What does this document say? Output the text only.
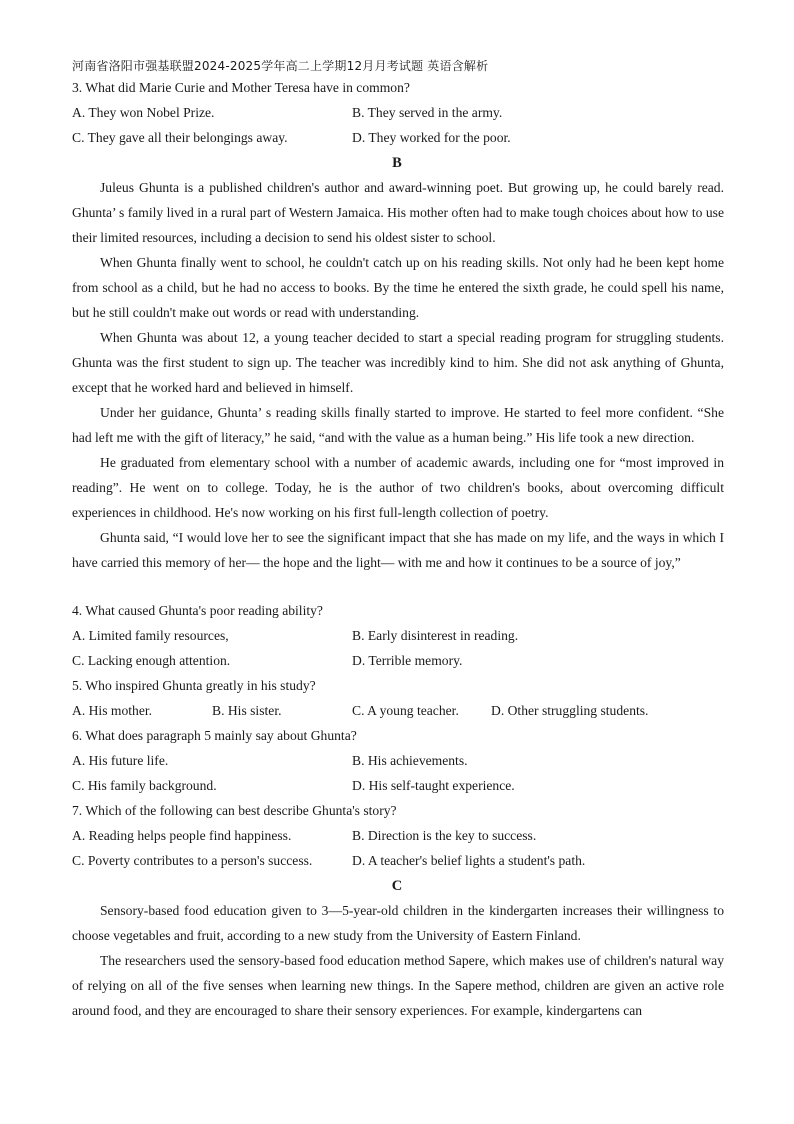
河南省洛阳市强基联盟2024-2025学年高二上学期12月月考试题 英语含解析
3. What did Marie Curie and Mother Teresa have in common?
A. They won Nobel Prize.	B. They served in the army.
C. They gave all their belongings away.	D. They worked for the poor.
B

Juleus Ghunta is a published children's author and award-winning poet. But growing up, he could barely read. Ghunta’ s family lived in a rural part of Western Jamaica. His mother often had to make tough choices about how to use their limited resources, including a decision to send his oldest sister to school.

When Ghunta finally went to school, he couldn't catch up on his reading skills. Not only had he been kept home from school as a child, but he had no access to books. By the time he entered the sixth grade, he could spell his name, but he still couldn't make out words or read with understanding.

When Ghunta was about 12, a young teacher decided to start a special reading program for struggling students. Ghunta was the first student to sign up. The teacher was incredibly kind to him. She did not ask anything of Ghunta, except that he worked hard and believed in himself.

Under her guidance, Ghunta’ s reading skills finally started to improve. He started to feel more confident. “She had left me with the gift of literacy,” he said, “and with the value as a human being.” His life took a new direction.

He graduated from elementary school with a number of academic awards, including one for “most improved in reading”. He went on to college. Today, he is the author of two children's books, about overcoming difficult experiences in childhood. He's now working on his first full-length collection of poetry.

Ghunta said, “I would love her to see the significant impact that she has made on my life, and the ways in which I have carried this memory of her— the hope and the light— with me and how it continues to be a source of joy,”

4. What caused Ghunta's poor reading ability?
A. Limited family resources,	B. Early disinterest in reading.
C. Lacking enough attention.	D. Terrible memory.
5. Who inspired Ghunta greatly in his study?
A. His mother.	B. His sister.	C. A young teacher. D. Other struggling students.
6. What does paragraph 5 mainly say about Ghunta?
A. His future life.	B. His achievements.
C. His family background.	D. His self-taught experience.
7. Which of the following can best describe Ghunta's story?
A. Reading helps people find happiness.	B. Direction is the key to success.
C. Poverty contributes to a person's success.	D. A teacher's belief lights a student's path.
C

Sensory-based food education given to 3—5-year-old children in the kindergarten increases their willingness to choose vegetables and fruit, according to a new study from the University of Eastern Finland.

The researchers used the sensory-based food education method Sapere, which makes use of children's natural way of relying on all of the five senses when learning new things. In the Sapere method, children are given an active role around food, and they are encouraged to share their sensory experiences. For example, kindergartens can
